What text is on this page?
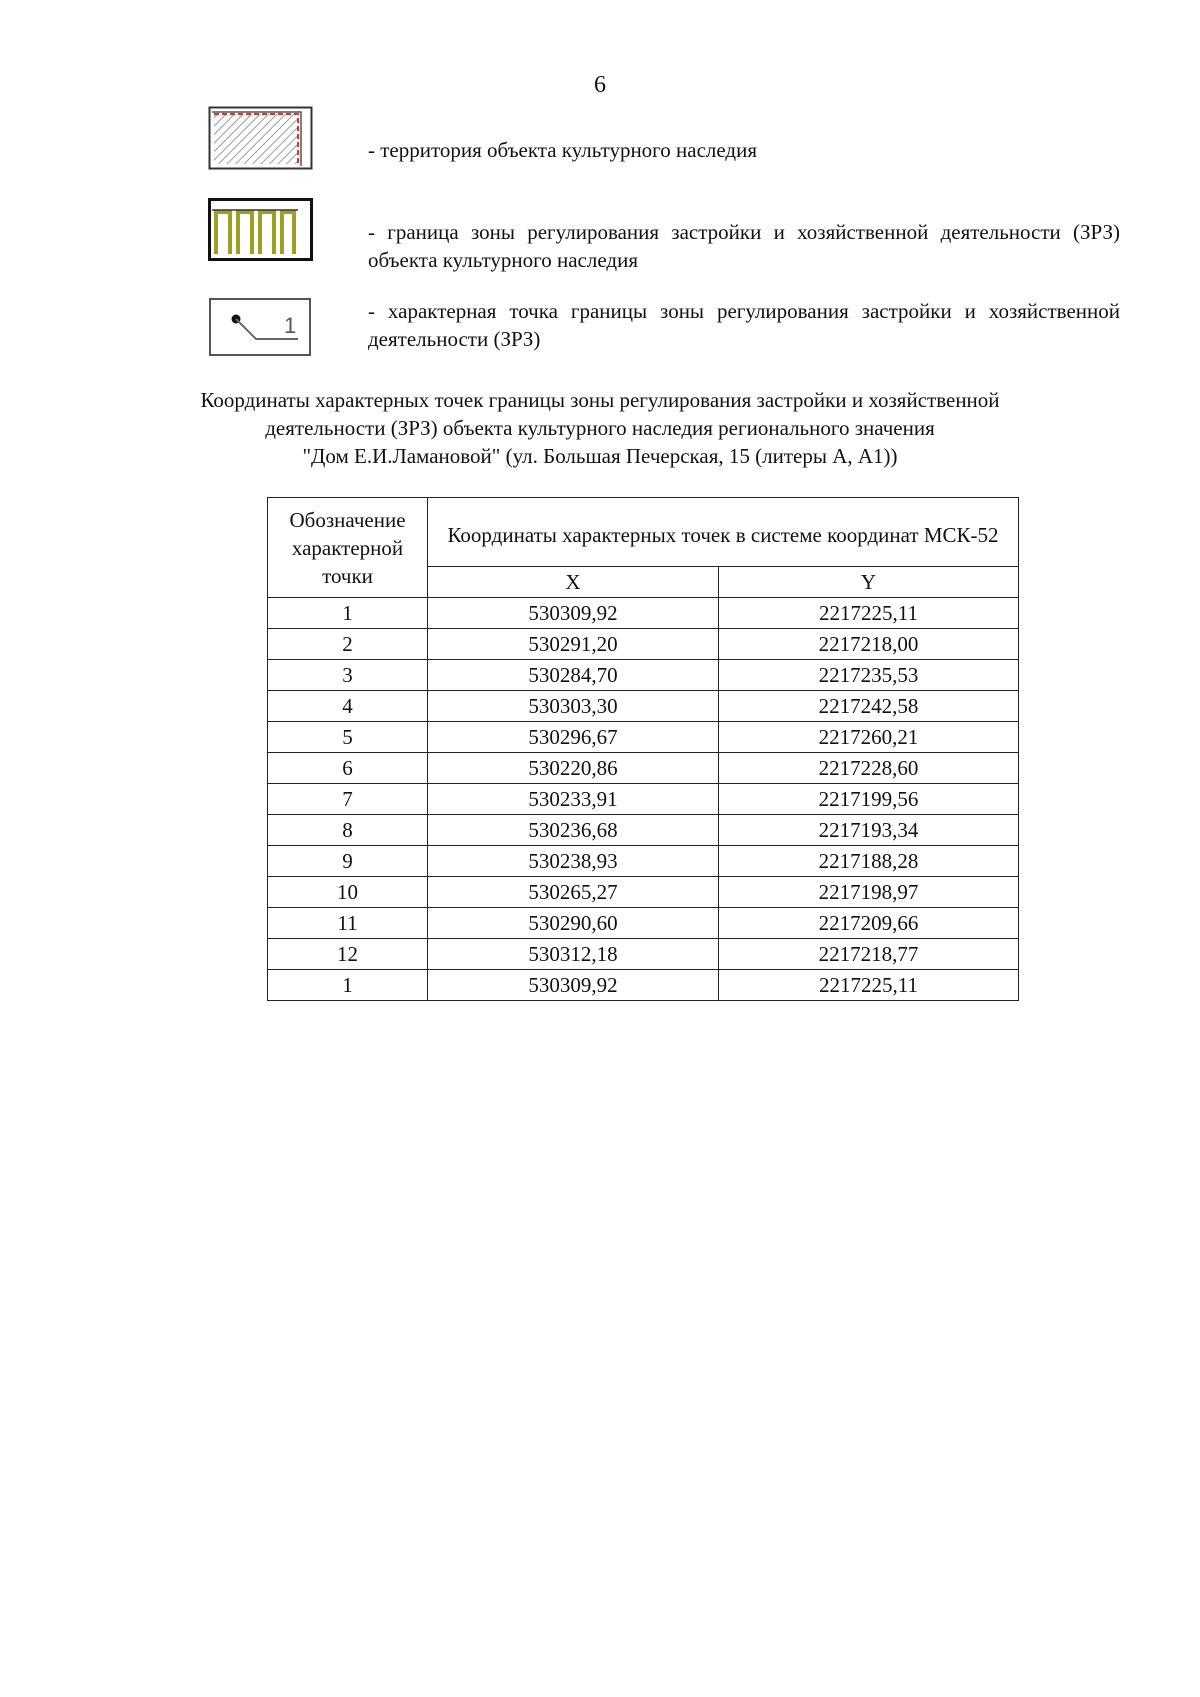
6
- территория объекта культурного наследия
- граница зоны регулирования застройки и хозяйственной деятельности (ЗРЗ) объекта культурного наследия
1
- характерная точка границы зоны регулирования застройки и хозяйственной деятельности (ЗРЗ)
Координаты характерных точек границы зоны регулирования застройки и хозяйственной
деятельности (ЗРЗ) объекта культурного наследия регионального значения
"Дом Е.И.Ламановой" (ул. Большая Печерская, 15 (литеры А, А1))
Обозначение характерной точки	Координаты характерных точек в системе координат МСК-52	
	X	Y
1	530309,92	2217225,11
2	530291,20	2217218,00
3	530284,70	2217235,53
4	530303,30	2217242,58
5	530296,67	2217260,21
6	530220,86	2217228,60
7	530233,91	2217199,56
8	530236,68	2217193,34
9	530238,93	2217188,28
10	530265,27	2217198,97
11	530290,60	2217209,66
12	530312,18	2217218,77
1	530309,92	2217225,11
